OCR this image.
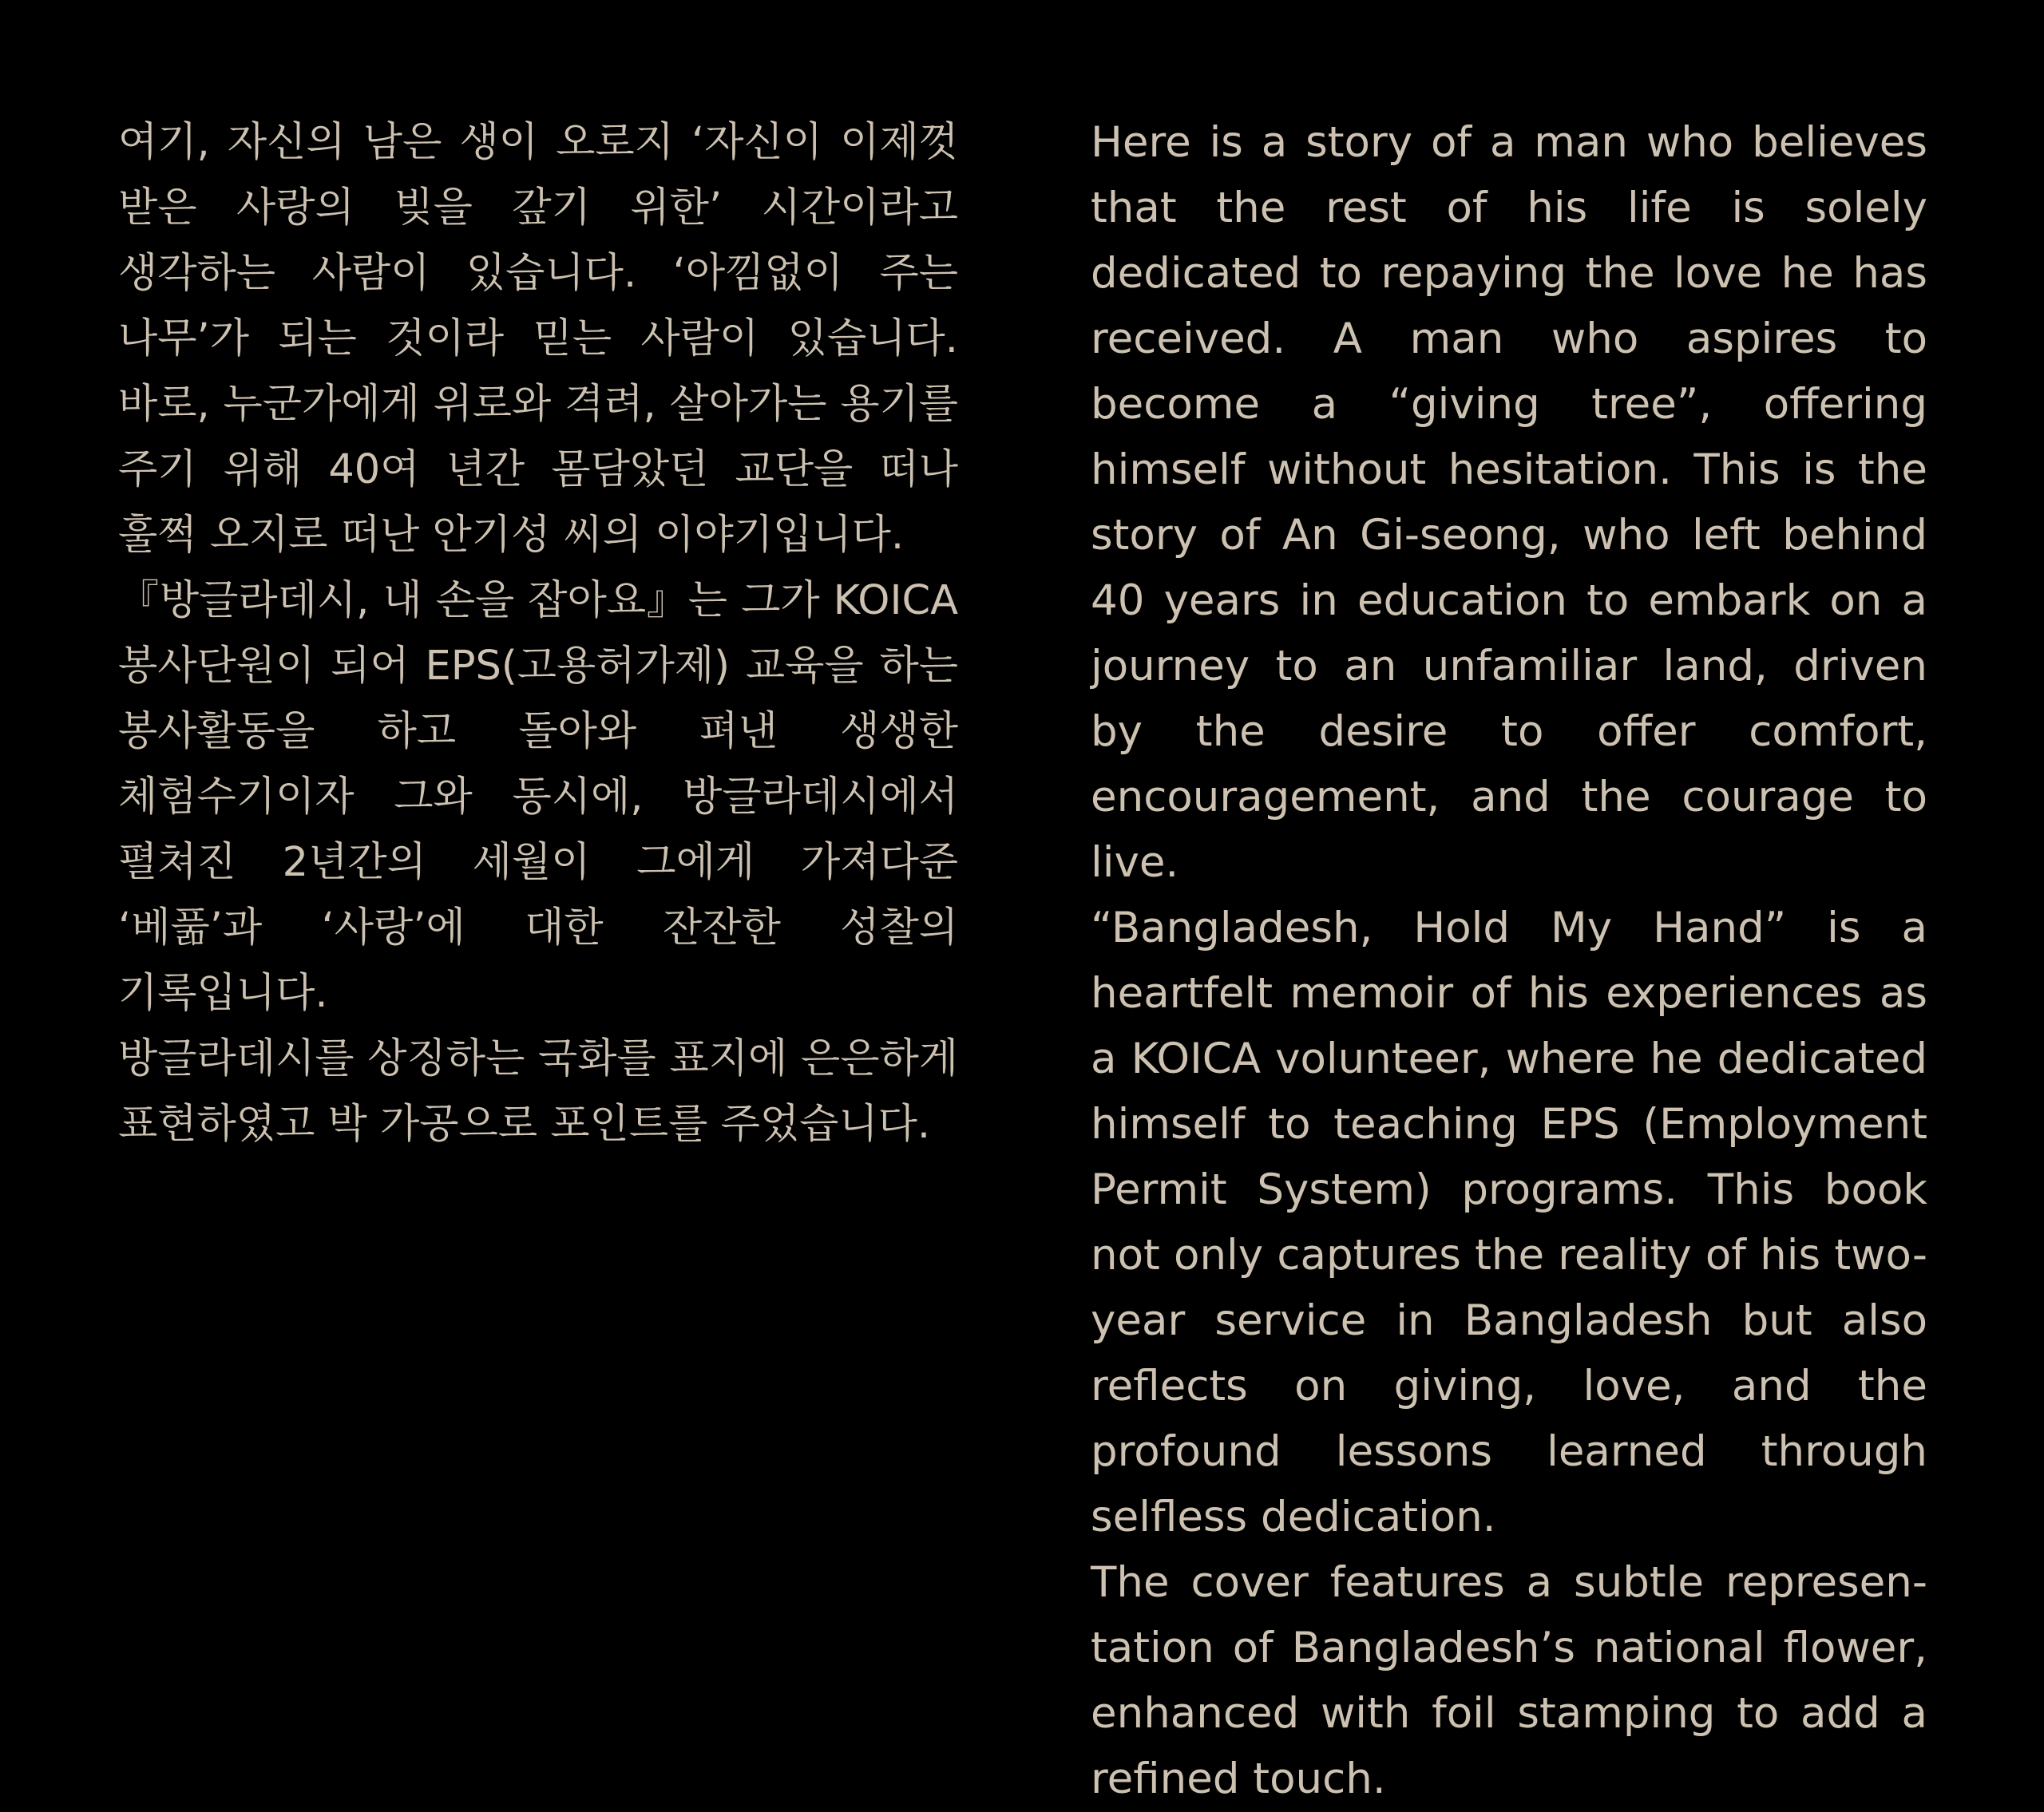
여기, 자신의 남은 생이 오로지 ‘자신이 이제껏 받은 사랑의 빚을 갚기 위한’ 시간이라고 생각하는 사람이 있습니다. ‘아낌없이 주는 나무’가 되는 것이라 믿는 사람이 있습니다. 바로, 누군가에게 위로와 격려, 살아가는 용기를 주기 위해 40여 년간 몸담았던 교단을 떠나 훌쩍 오지로 떠난 안기성 씨의 이야기입니다.

『방글라데시, 내 손을 잡아요』는 그가 KOICA 봉사단원이 되어 EPS(고용허가제) 교육을 하는 봉사활동을 하고 돌아와 펴낸 생생한 체험수기이자 그와 동시에, 방글라데시에서 펼쳐진 2년간의 세월이 그에게 가져다준 ‘베풂’과 ‘사랑’에 대한 잔잔한 성찰의 기록입니다.

방글라데시를 상징하는 국화를 표지에 은은하게 표현하였고 박 가공으로 포인트를 주었습니다.

Here is a story of a man who believes that the rest of his life is solely dedicated to repaying the love he has received. A man who aspires to become a “giving tree”, offering himself without hesitation. This is the story of An Gi-seong, who left behind 40 years in education to embark on a journey to an unfamiliar land, driven by the desire to offer comfort, encouragement, and the courage to live.

“Bangladesh, Hold My Hand” is a heartfelt memoir of his experiences as a KOICA volunteer, where he dedicated himself to teaching EPS (Employment Permit System) programs. This book not only captures the reality of his two-year service in Bangladesh but also reflects on giving, love, and the profound lessons learned through selfless dedication.

The cover features a subtle represen-tation of Bangladesh’s national flower, enhanced with foil stamping to add a refined touch.
